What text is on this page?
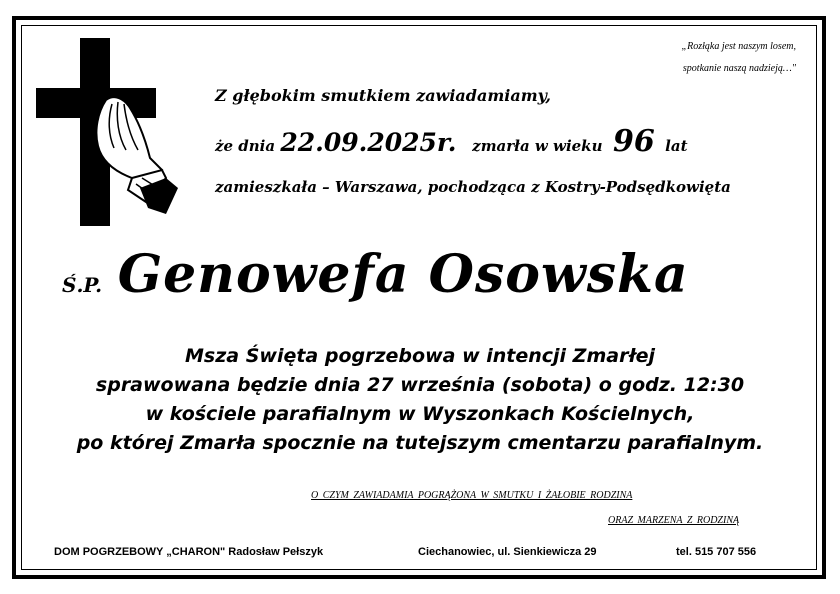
„Rozłąka jest naszym losem,
spotkanie naszą nadzieją…"
Z głębokim smutkiem zawiadamiamy,
że dnia 22.09.2025r. zmarła w wieku 96 lat
zamieszkała – Warszawa, pochodząca z Kostry-Podsędkowięta
Ś.P. Genowefa Osowska
Msza Święta pogrzebowa w intencji Zmarłej
sprawowana będzie dnia 27 września (sobota) o godz. 12:30
w kościele parafialnym w Wyszonkach Kościelnych,
po której Zmarła spocznie na tutejszym cmentarzu parafialnym.
O CZYM ZAWIADAMIA POGRĄŻONA W SMUTKU I ŻAŁOBIE RODZINA
ORAZ MARZENA Z RODZINĄ
DOM POGRZEBOWY „CHARON" Radosław Pełszyk	Ciechanowiec, ul. Sienkiewicza 29	tel. 515 707 556
